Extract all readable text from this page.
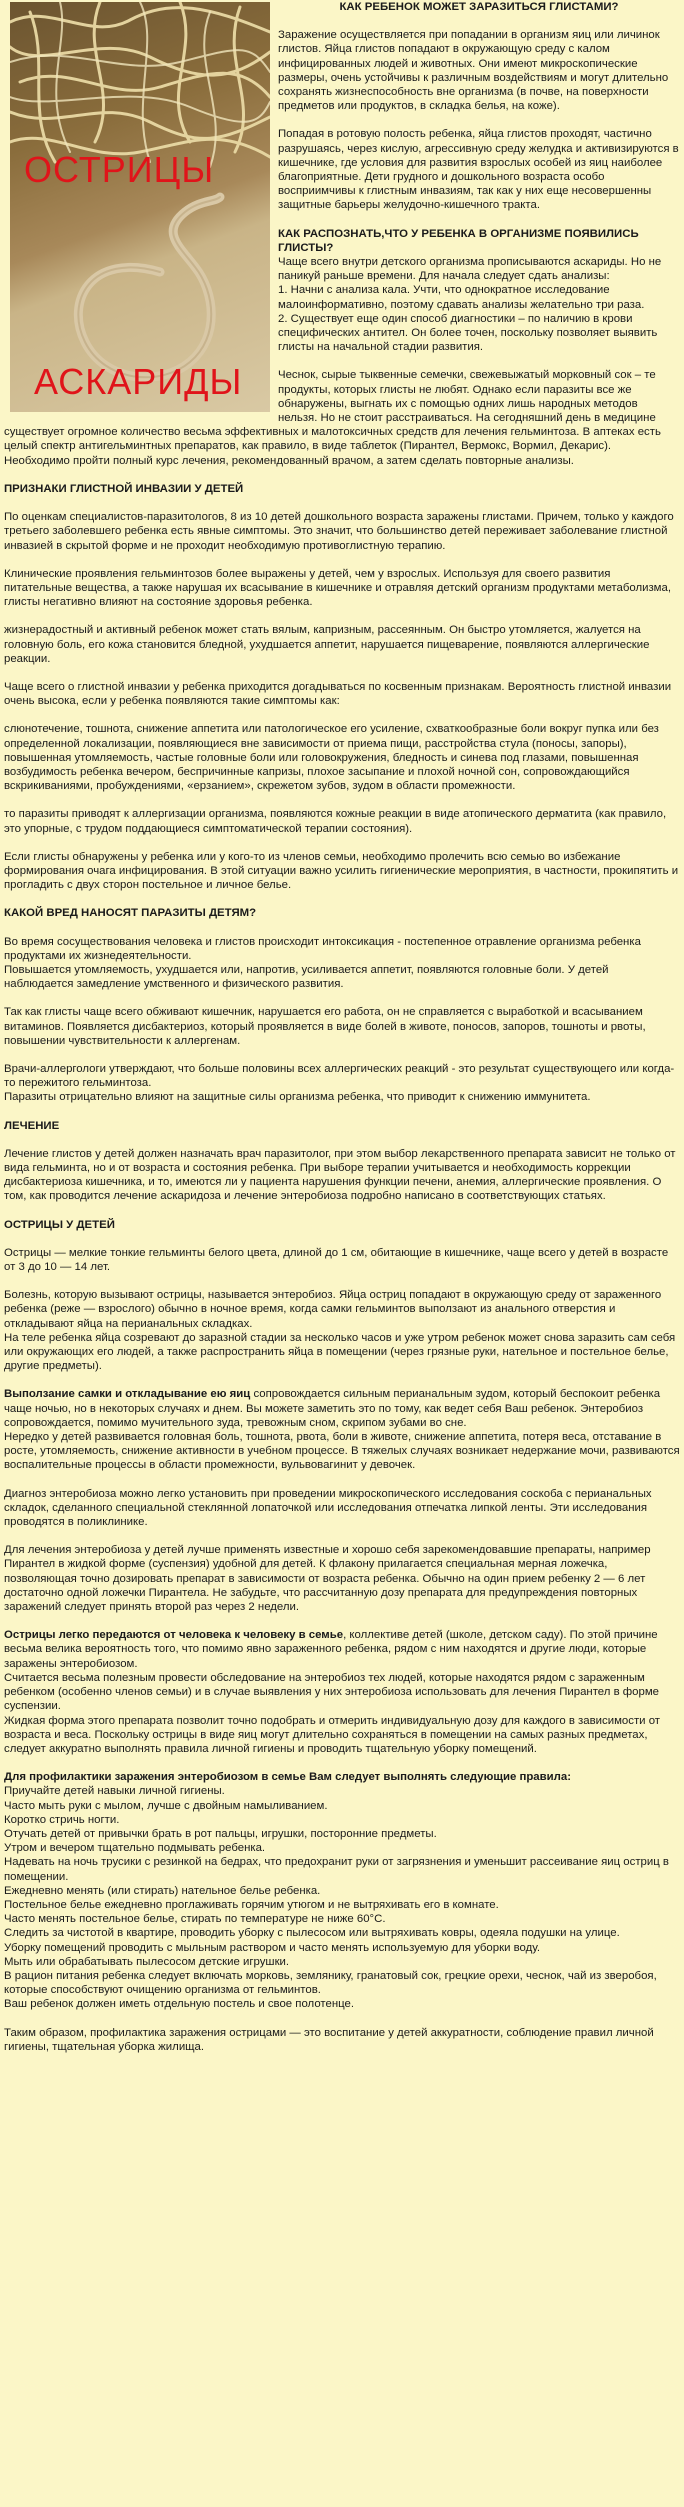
ОСТРИЦЫ
АСКАРИДЫ
КАК РЕБЕНОК МОЖЕТ ЗАРАЗИТЬСЯ ГЛИСТАМИ?

Заражение осуществляется при попадании в организм яиц или личинок глистов. Яйца глистов попадают в окружающую среду с калом инфицированных людей и животных. Они имеют микроскопические размеры, очень устойчивы к различным воздействиям и могут длительно сохранять жизнеспособность вне организма (в почве, на поверхности предметов или продуктов, в складка белья, на коже).

Попадая в ротовую полость ребенка, яйца глистов проходят, частично разрушаясь, через кислую, агрессивную среду желудка и активизируются в кишечнике, где условия для развития взрослых особей из яиц наиболее благоприятные. Дети грудного и дошкольного возраста особо восприимчивы к глистным инвазиям, так как у них еще несовершенны защитные барьеры желудочно-кишечного тракта.

КАК РАСПОЗНАТЬ,ЧТО У РЕБЕНКА В ОРГАНИЗМЕ ПОЯВИЛИСЬ ГЛИСТЫ?
Чаще всего внутри детского организма прописываются аскариды. Но не паникуй раньше времени. Для начала следует сдать анализы:
1. Начни с анализа кала. Учти, что однократное исследование малоинформативно, поэтому сдавать анализы желательно три раза.

2. Существует еще один способ диагностики – по наличию в крови специфических антител. Он более точен, поскольку позволяет выявить глисты на начальной стадии развития.

Чеснок, сырые тыквенные семечки, свежевыжатый морковный сок – те продукты, которых глисты не любят. Однако если паразиты все же обнаружены, выгнать их с помощью одних лишь народных методов нельзя. Но не стоит расстраиваться. На сегодняшний день в медицине существует огромное количество весьма эффективных и малотоксичных средств для лечения гельминтоза. В аптеках есть целый спектр антигельминтных препаратов, как правило, в виде таблеток (Пирантел, Вермокс, Вормил, Декарис). Необходимо пройти полный курс лечения, рекомендованный врачом, а затем сделать повторные анализы.

ПРИЗНАКИ ГЛИСТНОЙ ИНВАЗИИ У ДЕТЕЙ

По оценкам специалистов-паразитологов, 8 из 10 детей дошкольного возраста заражены глистами. Причем, только у каждого третьего заболевшего ребенка есть явные симптомы. Это значит, что большинство детей переживает заболевание глистной инвазией в скрытой форме и не проходит необходимую противоглистную терапию.

Клинические проявления гельминтозов более выражены у детей, чем у взрослых. Используя для своего развития питательные вещества, а также нарушая их всасывание в кишечнике и отравляя детский организм продуктами метаболизма, глисты негативно влияют на состояние здоровья ребенка.

жизнерадостный и активный ребенок может стать вялым, капризным, рассеянным. Он быстро утомляется, жалуется на головную боль, его кожа становится бледной, ухудшается аппетит, нарушается пищеварение, появляются аллергические реакции.

Чаще всего о глистной инвазии у ребенка приходится догадываться по косвенным признакам. Вероятность глистной инвазии очень высока, если у ребенка появляются такие симптомы как:

слюнотечение, тошнота, снижение аппетита или патологическое его усиление, схваткообразные боли вокруг пупка или без определенной локализации, появляющиеся вне зависимости от приема пищи, расстройства стула (поносы, запоры), повышенная утомляемость, частые головные боли или головокружения, бледность и синева под глазами, повышенная возбудимость ребенка вечером, беспричинные капризы, плохое засыпание и плохой ночной сон, сопровождающийся вскрикиваниями, пробуждениями, «ерзанием», скрежетом зубов, зудом в области промежности.

то паразиты приводят к аллергизации организма, появляются кожные реакции в виде атопического дерматита (как правило, это упорные, с трудом поддающиеся симптоматической терапии состояния).

Если глисты обнаружены у ребенка или у кого-то из членов семьи, необходимо пролечить всю семью во избежание формирования очага инфицирования. В этой ситуации важно усилить гигиенические мероприятия, в частности, прокипятить и прогладить с двух сторон постельное и личное белье.

КАКОЙ ВРЕД НАНОСЯТ ПАРАЗИТЫ ДЕТЯМ?
Во время сосуществования человека и глистов происходит интоксикация - постепенное отравление организма ребенка продуктами их жизнедеятельности.

Повышается утомляемость, ухудшается или, напротив, усиливается аппетит, появляются головные боли. У детей наблюдается замедление умственного и физического развития.

Так как глисты чаще всего обживают кишечник, нарушается его работа, он не справляется с выработкой и всасыванием витаминов. Появляется дисбактериоз, который проявляется в виде болей в животе, поносов, запоров, тошноты и рвоты, повышении чувствительности к аллергенам.

Врачи-аллергологи утверждают, что больше половины всех аллергических реакций - это результат существующего или когда-то пережитого гельминтоза.

Паразиты отрицательно влияют на защитные силы организма ребенка, что приводит к снижению иммунитета.

ЛЕЧЕНИЕ

Лечение глистов у детей должен назначать врач паразитолог, при этом выбор лекарственного препарата зависит не только от вида гельминта, но и от возраста и состояния ребенка. При выборе терапии учитывается и необходимость коррекции дисбактериоза кишечника, и то, имеются ли у пациента нарушения функции печени, анемия, аллергические проявления. О том, как проводится лечение аскаридоза и лечение энтеробиоза подробно написано в соответствующих статьях.

ОСТРИЦЫ У ДЕТЕЙ

Острицы — мелкие тонкие гельминты белого цвета, длиной до 1 см, обитающие в кишечнике, чаще всего у детей в возрасте от 3 до 10 — 14 лет.

Болезнь, которую вызывают острицы, называется энтеробиоз. Яйца остриц попадают в окружающую среду от зараженного ребенка (реже — взрослого) обычно в ночное время, когда самки гельминтов выползают из анального отверстия и откладывают яйца на перианальных складках.

На теле ребенка яйца созревают до заразной стадии за несколько часов и уже утром ребенок может снова заразить сам себя или окружающих его людей, а также распространить яйца в помещении (через грязные руки, нательное и постельное белье, другие предметы).

Выползание самки и откладывание ею яиц сопровождается сильным перианальным зудом, который беспокоит ребенка чаще ночью, но в некоторых случаях и днем. Вы можете заметить это по тому, как ведет себя Ваш ребенок. Энтеробиоз сопровождается, помимо мучительного зуда, тревожным сном, скрипом зубами во сне.

Нередко у детей развивается головная боль, тошнота, рвота, боли в животе, снижение аппетита, потеря веса, отставание в росте, утомляемость, снижение активности в учебном процессе. В тяжелых случаях возникает недержание мочи, развиваются воспалительные процессы в области промежности, вульвовагинит у девочек.

Диагноз энтеробиоза можно легко установить при проведении микроскопического исследования соскоба с перианальных складок, сделанного специальной стеклянной лопаточкой или исследования отпечатка липкой ленты. Эти исследования проводятся в поликлинике.

Для лечения энтеробиоза у детей лучше применять известные и хорошо себя зарекомендовавшие препараты, например Пирантел в жидкой форме (суспензия) удобной для детей. К флакону прилагается специальная мерная ложечка, позволяющая точно дозировать препарат в зависимости от возраста ребенка. Обычно на один прием ребенку 2 — 6 лет достаточно одной ложечки Пирантела. Не забудьте, что рассчитанную дозу препарата для предупреждения повторных заражений следует принять второй раз через 2 недели.

Острицы легко передаются от человека к человеку в семье, коллективе детей (школе, детском саду). По этой причине весьма велика вероятность того, что помимо явно зараженного ребенка, рядом с ним находятся и другие люди, которые заражены энтеробиозом.
Считается весьма полезным провести обследование на энтеробиоз тех людей, которые находятся рядом с зараженным ребенком (особенно членов семьи) и в случае выявления у них энтеробиоза использовать для лечения Пирантел в форме суспензии.

Жидкая форма этого препарата позволит точно подобрать и отмерить индивидуальную дозу для каждого в зависимости от возраста и веса. Поскольку острицы в виде яиц могут длительно сохраняться в помещении на самых разных предметах, следует аккуратно выполнять правила личной гигиены и проводить тщательную уборку помещений.

Для профилактики заражения энтеробиозом в семье Вам следует выполнять следующие правила:
Приучайте детей навыки личной гигиены.
Часто мыть руки с мылом, лучше с двойным намыливанием.
Коротко стричь ногти.
Отучать детей от привычки брать в рот пальцы, игрушки, посторонние предметы.
Утром и вечером тщательно подмывать ребенка.
Надевать на ночь трусики с резинкой на бедрах, что предохранит руки от загрязнения и уменьшит рассеивание яиц остриц в помещении.
Ежедневно менять (или стирать) нательное белье ребенка.
Постельное белье ежедневно проглаживать горячим утюгом и не вытряхивать его в комнате.
Часто менять постельное белье, стирать по температуре не ниже 60°С.
Следить за чистотой в квартире, проводить уборку с пылесосом или вытряхивать ковры, одеяла подушки на улице.
Уборку помещений проводить с мыльным раствором и часто менять используемую для уборки воду.
Мыть или обрабатывать пылесосом детские игрушки.
В рацион питания ребенка следует включать морковь, землянику, гранатовый сок, грецкие орехи, чеснок, чай из зверобоя, которые способствуют очищению организма от гельминтов.

Ваш ребенок должен иметь отдельную постель и свое полотенце.

Таким образом, профилактика заражения острицами — это воспитание у детей аккуратности, соблюдение правил личной гигиены, тщательная уборка жилища.
